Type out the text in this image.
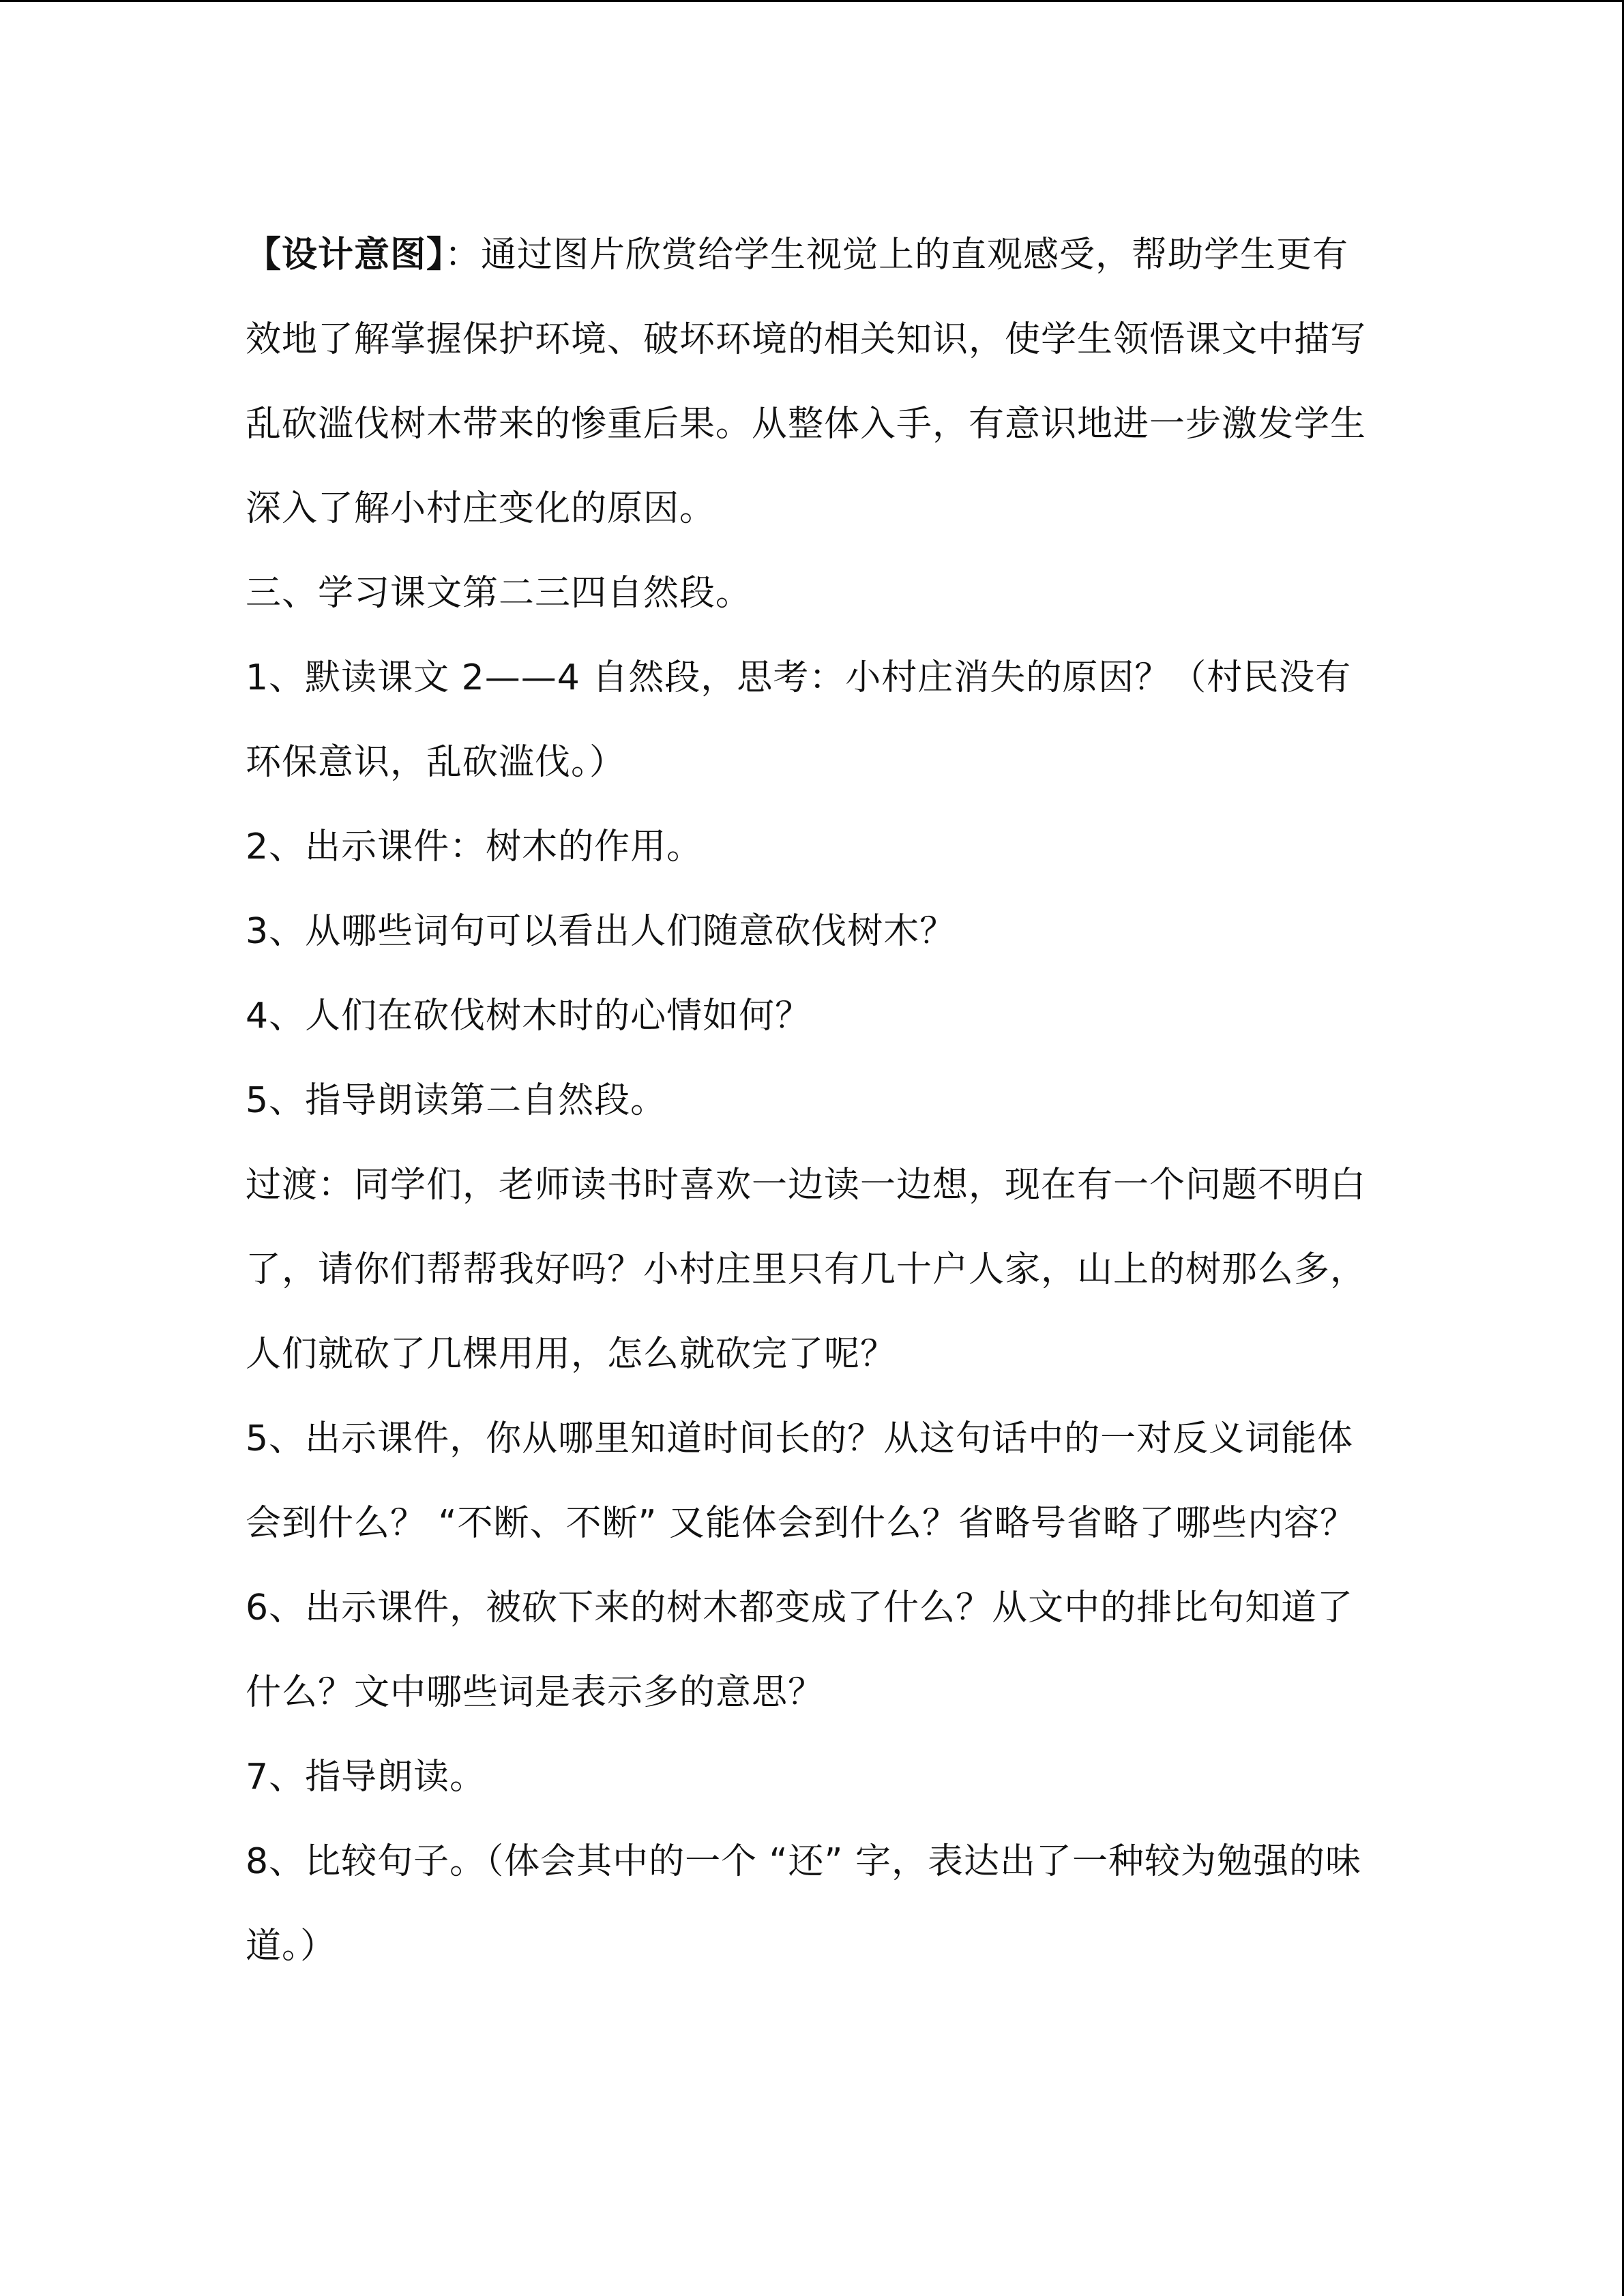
【设计意图】：通过图片欣赏给学生视觉上的直观感受，帮助学生更有效地了解掌握保护环境、破坏环境的相关知识，使学生领悟课文中描写乱砍滥伐树木带来的惨重后果。从整体入手，有意识地进一步激发学生深入了解小村庄变化的原因。

三、学习课文第二三四自然段。

1、默读课文 2——4 自然段，思考：小村庄消失的原因？（村民没有环保意识，乱砍滥伐。）

2、出示课件：树木的作用。

3、从哪些词句可以看出人们随意砍伐树木？

4、人们在砍伐树木时的心情如何？

5、指导朗读第二自然段。

过渡：同学们，老师读书时喜欢一边读一边想，现在有一个问题不明白了，请你们帮帮我好吗？小村庄里只有几十户人家，山上的树那么多，人们就砍了几棵用用，怎么就砍完了呢？

5、出示课件，你从哪里知道时间长的？从这句话中的一对反义词能体会到什么？ “不断、不断” 又能体会到什么？省略号省略了哪些内容？

6、出示课件，被砍下来的树木都变成了什么？从文中的排比句知道了什么？文中哪些词是表示多的意思？

7、指导朗读。

8、比较句子。（体会其中的一个 “还” 字，表达出了一种较为勉强的味道。）
